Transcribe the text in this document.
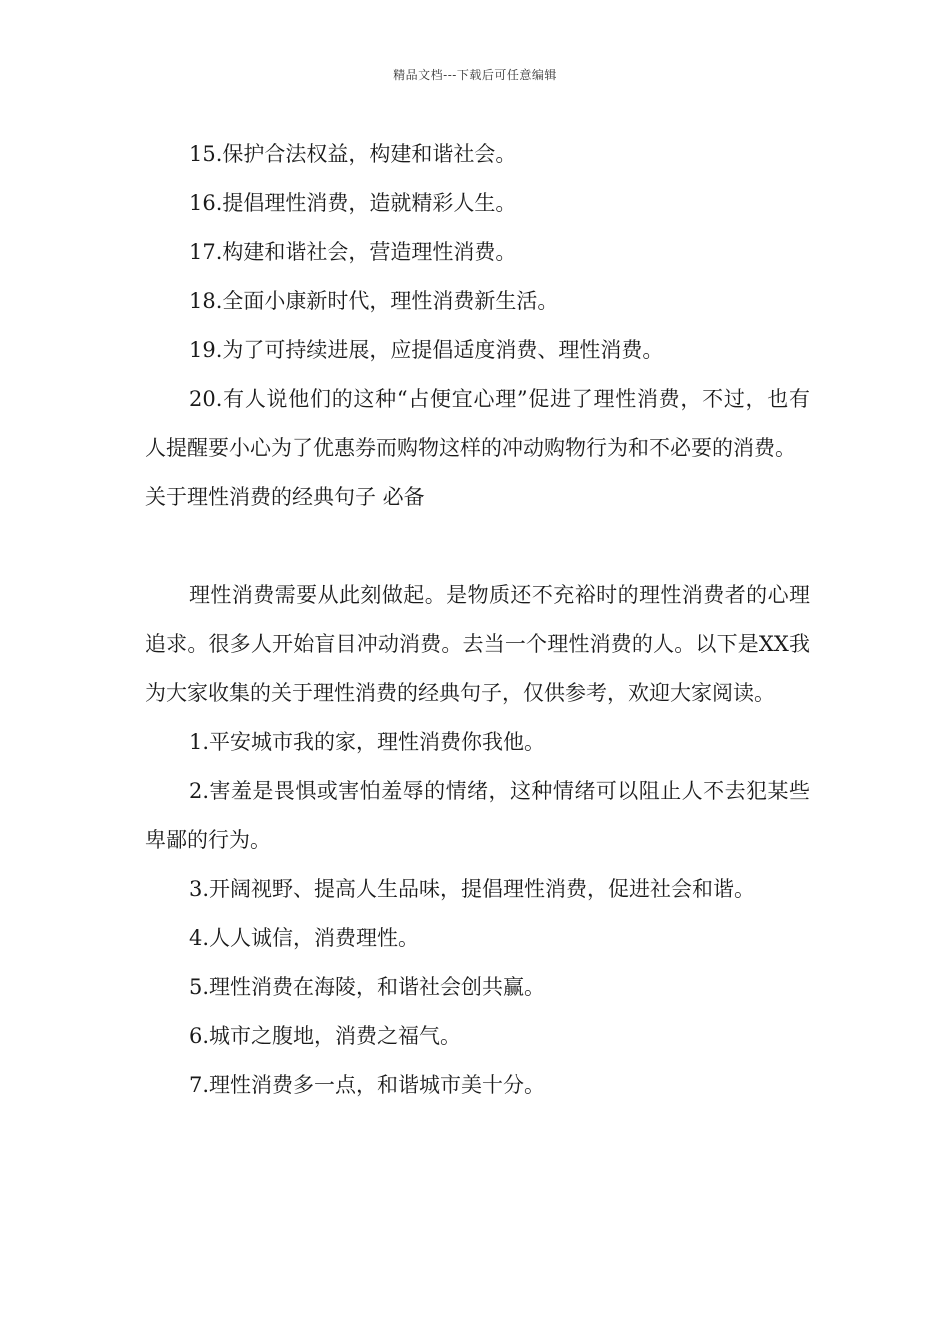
精品文档---下载后可任意编辑

15.保护合法权益，构建和谐社会。

16.提倡理性消费，造就精彩人生。

17.构建和谐社会，营造理性消费。

18.全面小康新时代，理性消费新生活。

19.为了可持续进展，应提倡适度消费、理性消费。

20.有人说他们的这种“占便宜心理”促进了理性消费，不过，也有人提醒要小心为了优惠券而购物这样的冲动购物行为和不必要的消费。

关于理性消费的经典句子 必备

理性消费需要从此刻做起。是物质还不充裕时的理性消费者的心理追求。很多人开始盲目冲动消费。去当一个理性消费的人。以下是XX我为大家收集的关于理性消费的经典句子，仅供参考，欢迎大家阅读。

1.平安城市我的家，理性消费你我他。

2.害羞是畏惧或害怕羞辱的情绪，这种情绪可以阻止人不去犯某些卑鄙的行为。

3.开阔视野、提高人生品味，提倡理性消费，促进社会和谐。

4.人人诚信，消费理性。

5.理性消费在海陵，和谐社会创共赢。

6.城市之腹地，消费之福气。

7.理性消费多一点，和谐城市美十分。
